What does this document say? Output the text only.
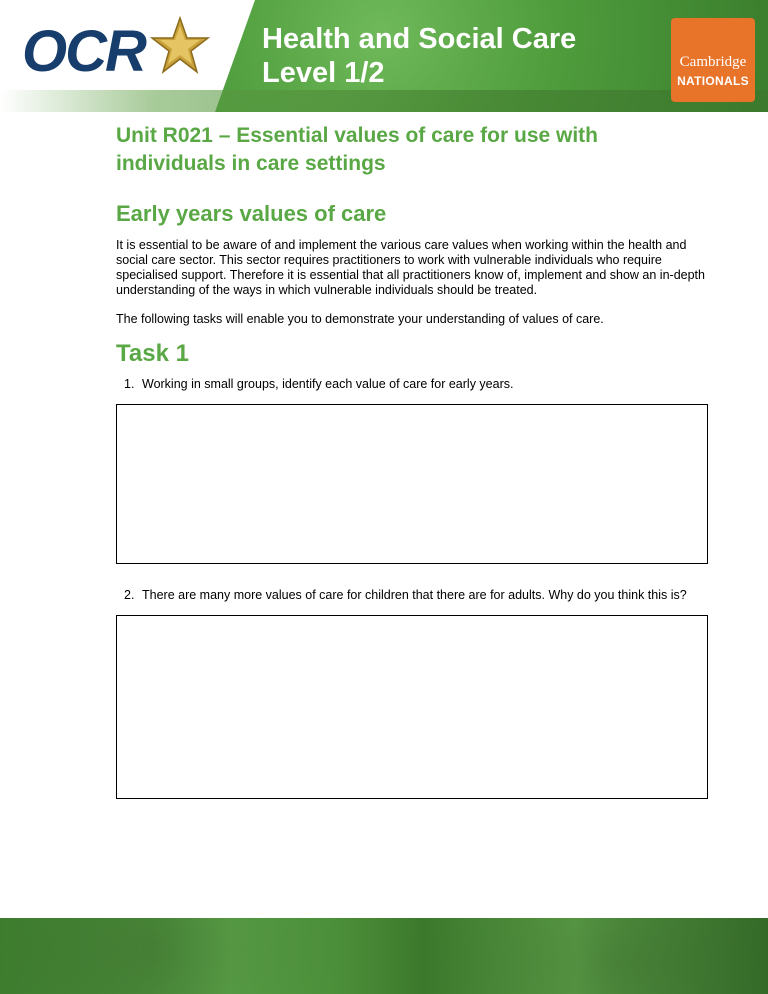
OCR	Health and Social Care
Level 1/2	Cambridge
NATIONALS
Unit R021 – Essential values of care for use with individuals in care settings
Early years values of care

It is essential to be aware of and implement the various care values when working within the health and social care sector. This sector requires practitioners to work with vulnerable individuals who require specialised support. Therefore it is essential that all practitioners know of, implement and show an in-depth understanding of the ways in which vulnerable individuals should be treated.

The following tasks will enable you to demonstrate your understanding of values of care.

Task 1
1. Working in small groups, identify each value of care for early years.
2. There are many more values of care for children that there are for adults. Why do you think this is?
